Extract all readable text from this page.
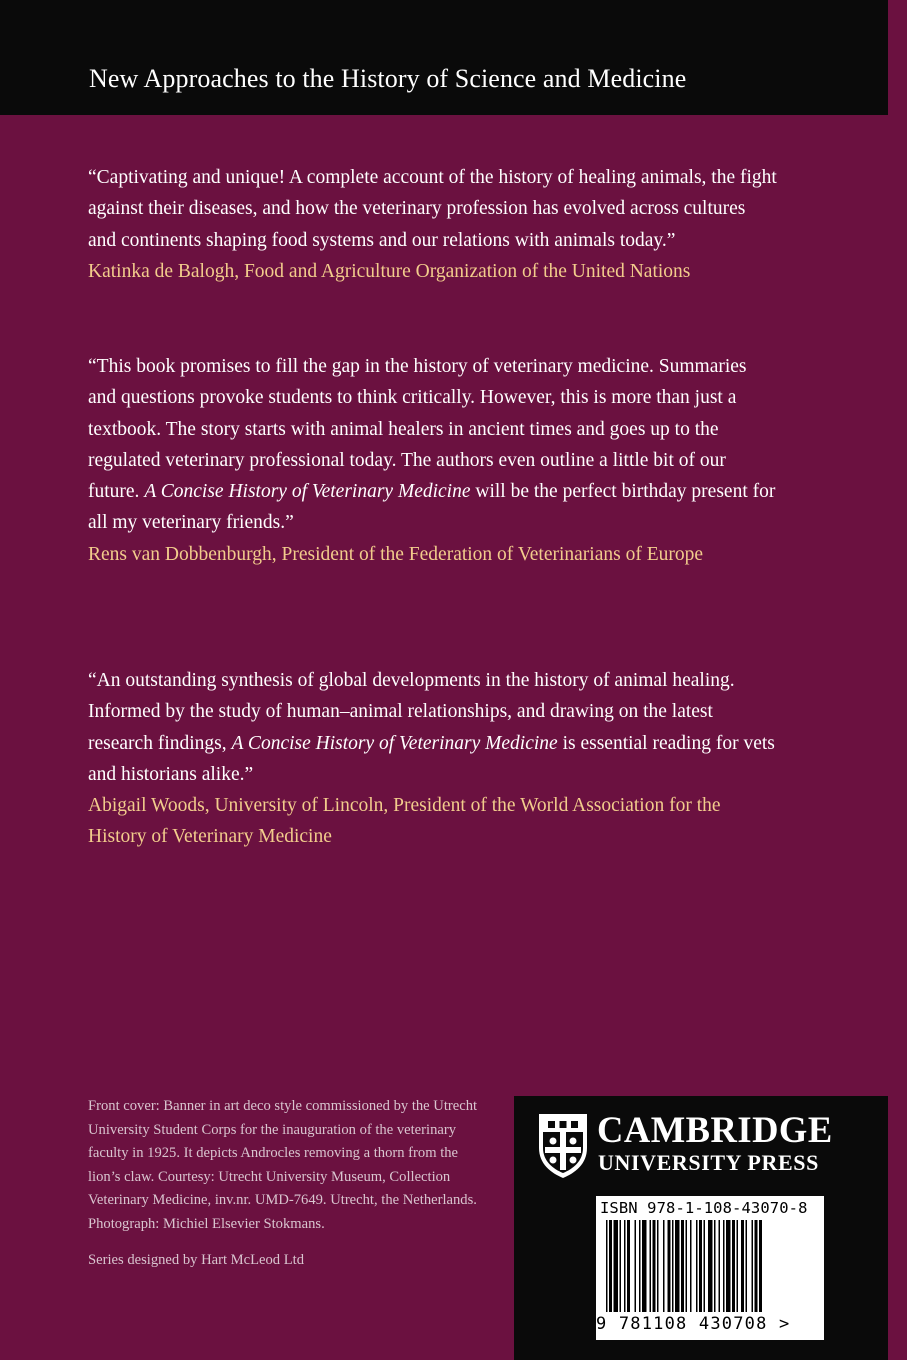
New Approaches to the History of Science and Medicine

“Captivating and unique! A complete account of the history of healing animals, the fight against their diseases, and how the veterinary profession has evolved across cultures and continents shaping food systems and our relations with animals today.”

Katinka de Balogh, Food and Agriculture Organization of the United Nations

“This book promises to fill the gap in the history of veterinary medicine. Summaries and questions provoke students to think critically. However, this is more than just a textbook. The story starts with animal healers in ancient times and goes up to the regulated veterinary professional today. The authors even outline a little bit of our future. A Concise History of Veterinary Medicine will be the perfect birthday present for all my veterinary friends.”

Rens van Dobbenburgh, President of the Federation of Veterinarians of Europe

“An outstanding synthesis of global developments in the history of animal healing. Informed by the study of human–animal relationships, and drawing on the latest research findings, A Concise History of Veterinary Medicine is essential reading for vets and historians alike.”

Abigail Woods, University of Lincoln, President of the World Association for the History of Veterinary Medicine

Front cover: Banner in art deco style commissioned by the Utrecht University Student Corps for the inauguration of the veterinary faculty in 1925. It depicts Androcles removing a thorn from the lion’s claw. Courtesy: Utrecht University Museum, Collection Veterinary Medicine, inv.nr. UMD-7649. Utrecht, the Netherlands. Photograph: Michiel Elsevier Stokmans.

Series designed by Hart McLeod Ltd

CAMBRIDGE
UNIVERSITY PRESS
ISBN 978-1-108-43070-8
9 781108 430708 >
